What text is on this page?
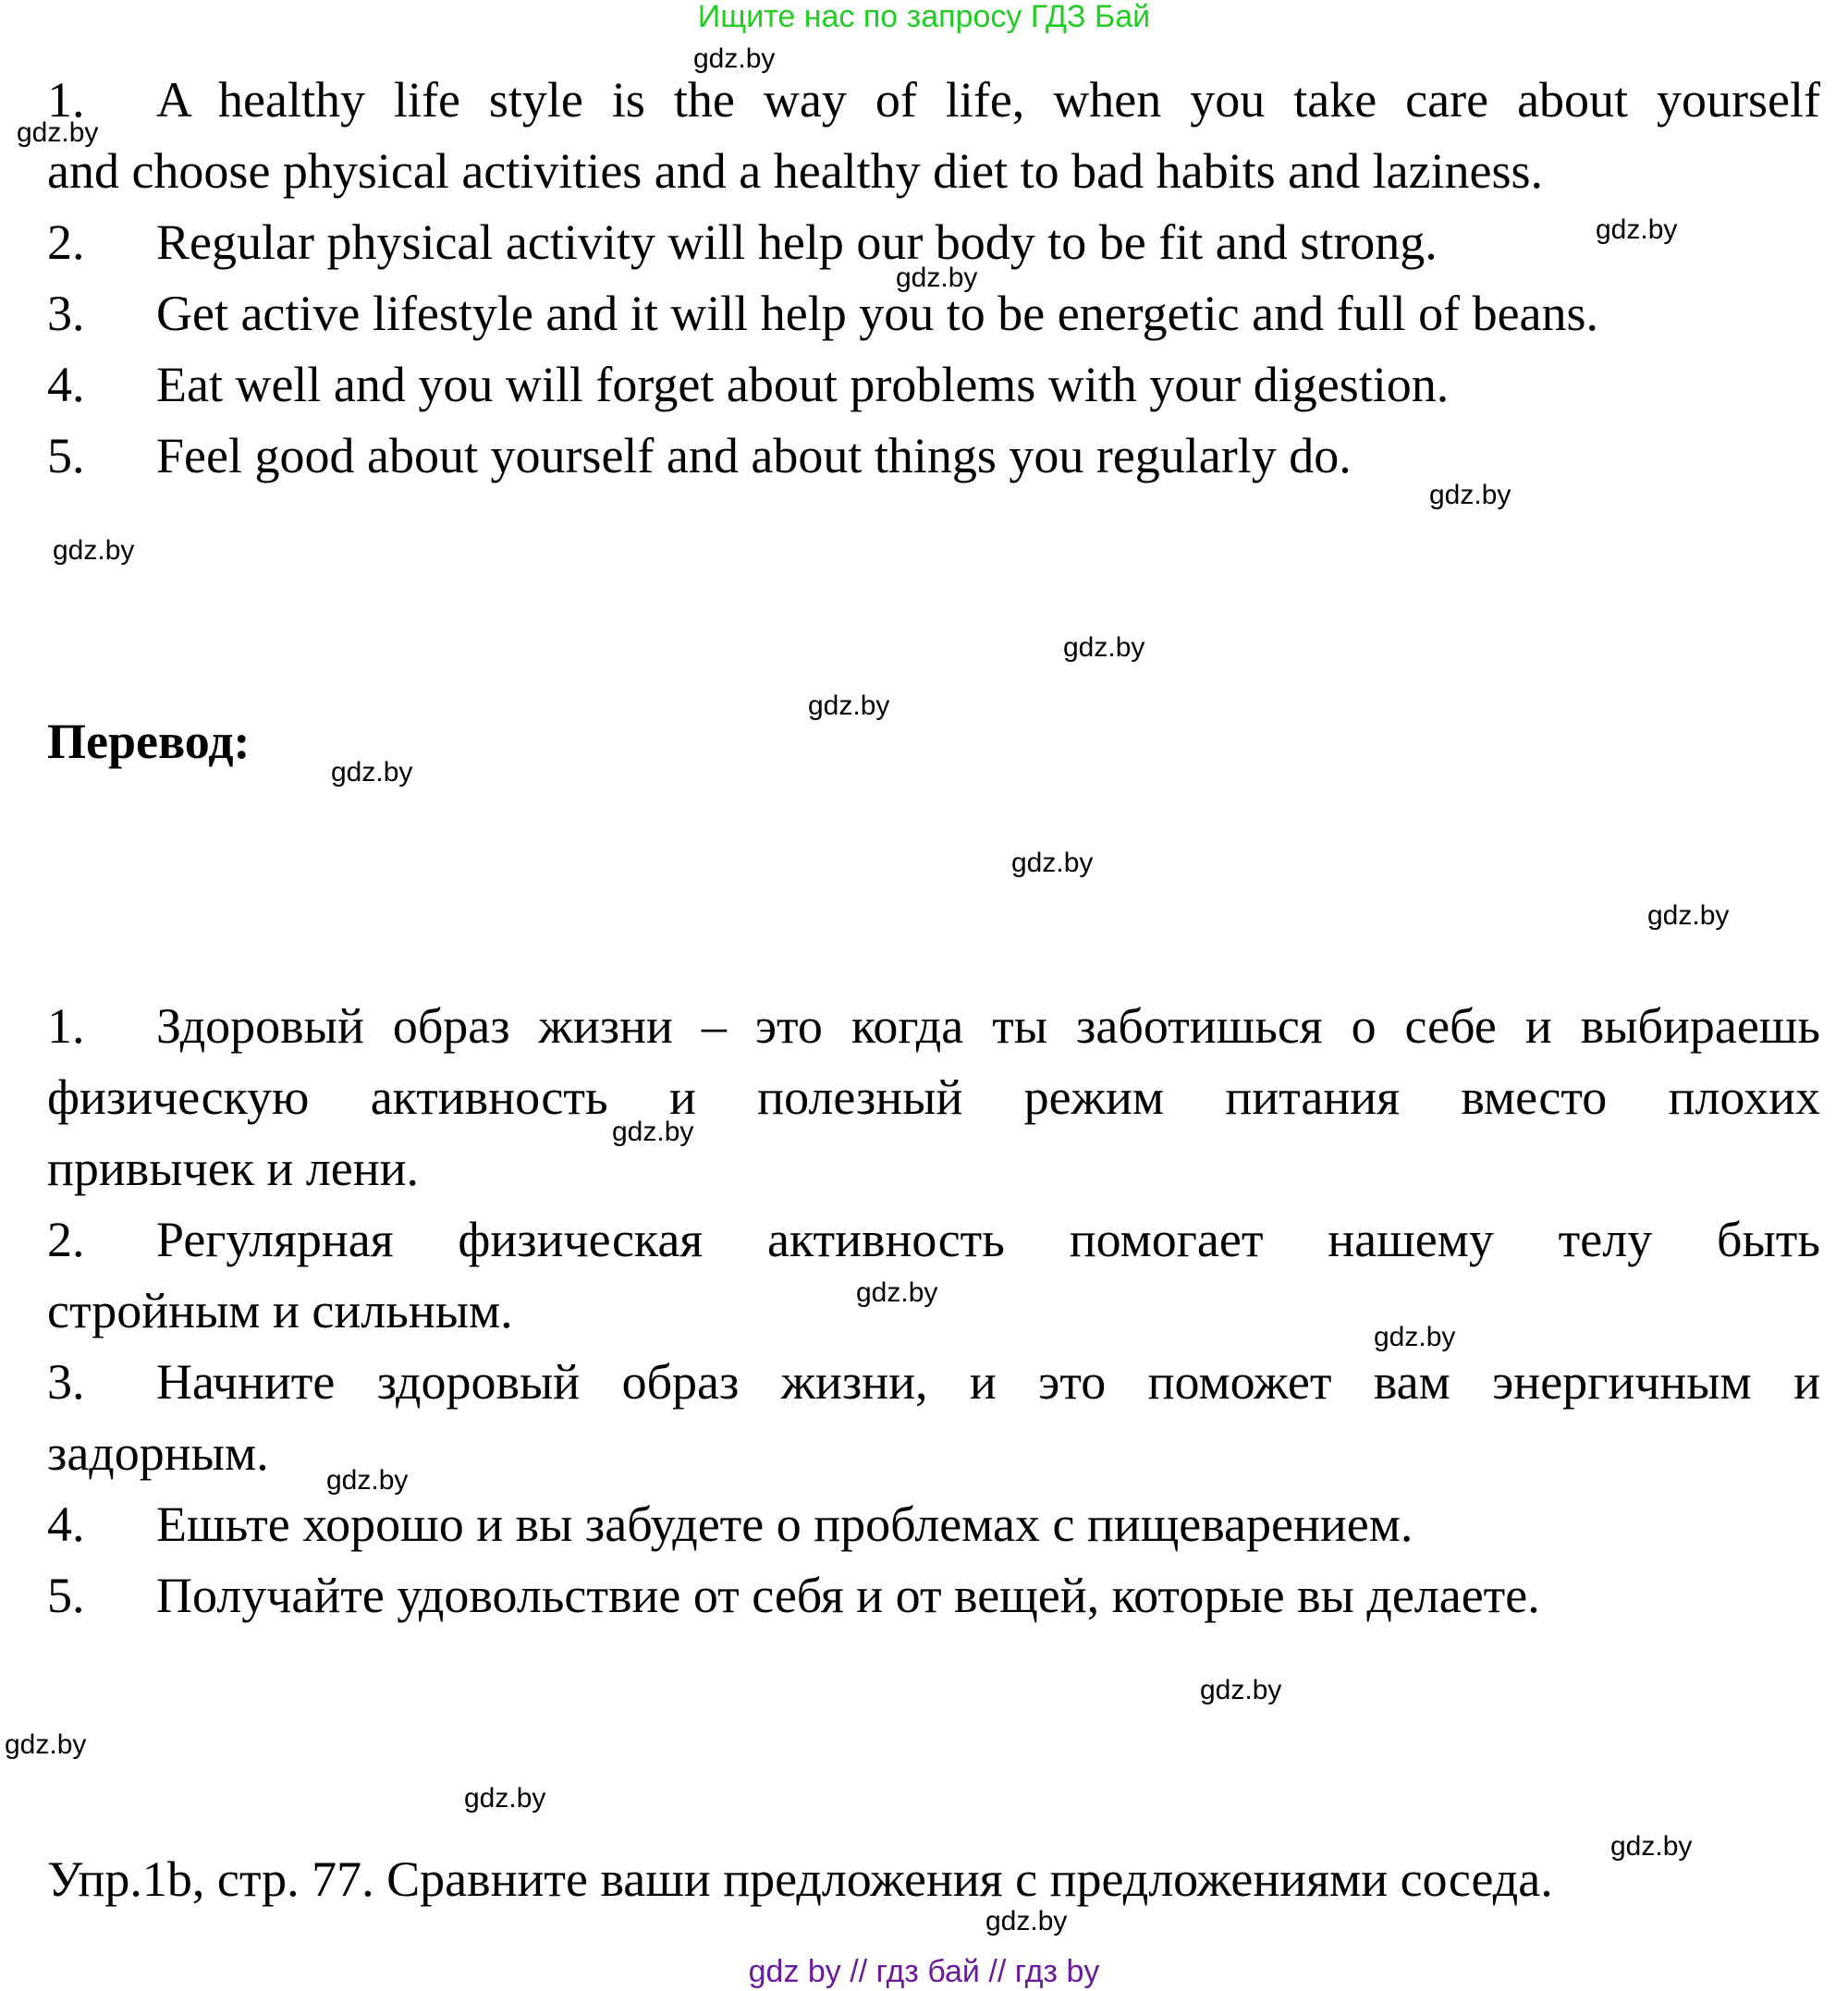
Ищите нас по запросу ГДЗ Бай
1. A healthy life style is the way of life, when you take care about yourself
and choose physical activities and a healthy diet to bad habits and laziness.
2. Regular physical activity will help our body to be fit and strong.
3. Get active lifestyle and it will help you to be energetic and full of beans.
4. Eat well and you will forget about problems with your digestion.
5. Feel good about yourself and about things you regularly do.
Перевод:
1. Здоровый образ жизни – это когда ты заботишься о себе и выбираешь
физическую активность и полезный режим питания вместо плохих
привычек и лени.
2. Регулярная физическая активность помогает нашему телу быть
стройным и сильным.
3. Начните здоровый образ жизни, и это поможет вам энергичным и
задорным.
4. Ешьте хорошо и вы забудете о проблемах с пищеварением.
5. Получайте удовольствие от себя и от вещей, которые вы делаете.
Упр.1b, стр. 77. Сравните ваши предложения с предложениями соседа.
gdz.by
gdz.by
gdz.by
gdz.by
gdz.by
gdz.by
gdz.by
gdz.by
gdz.by
gdz.by
gdz.by
gdz.by
gdz.by
gdz.by
gdz.by
gdz.by
gdz.by
gdz.by
gdz.by
gdz.by
gdz by // гдз бай // гдз by
